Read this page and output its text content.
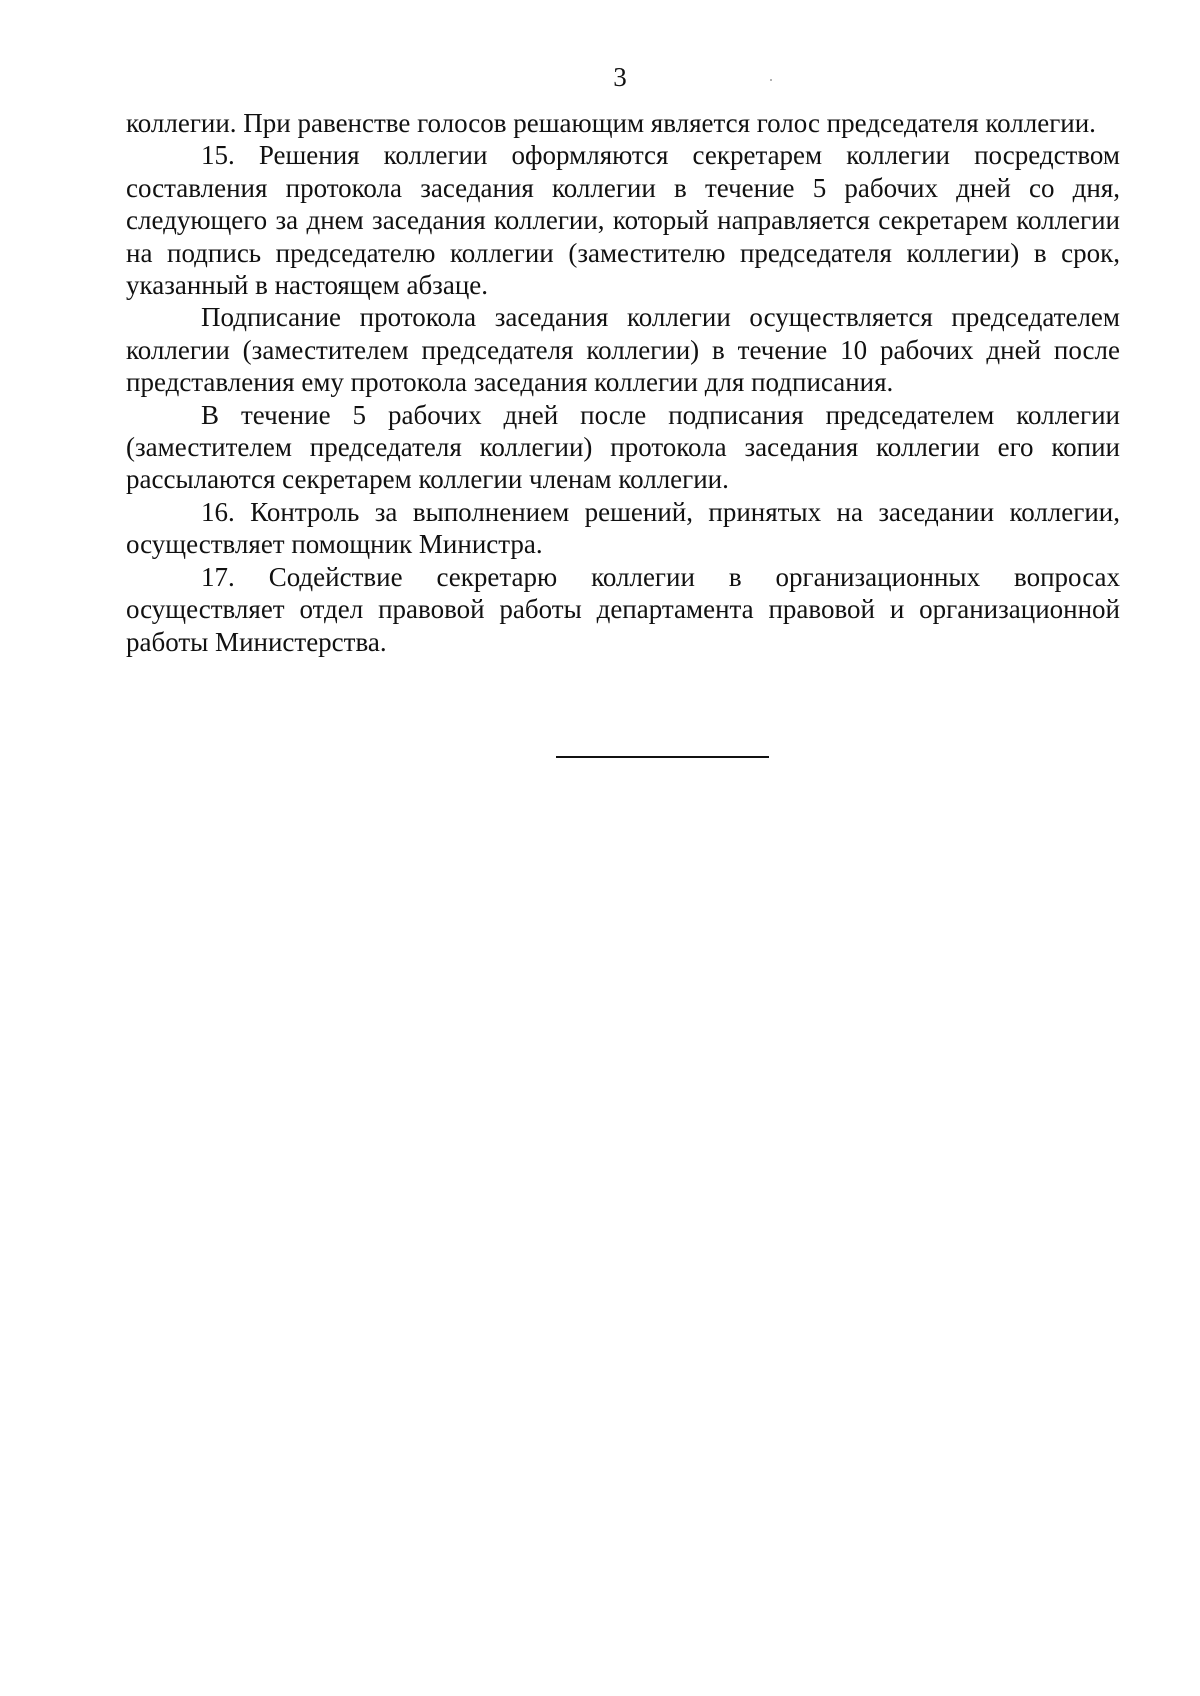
3

коллегии. При равенстве голосов решающим является голос председателя коллегии.

15. Решения коллегии оформляются секретарем коллегии посредством составления протокола заседания коллегии в течение 5 рабочих дней со дня, следующего за днем заседания коллегии, который направляется секретарем коллегии на подпись председателю коллегии (заместителю председателя коллегии) в срок, указанный в настоящем абзаце.

Подписание протокола заседания коллегии осуществляется председателем коллегии (заместителем председателя коллегии) в течение 10 рабочих дней после представления ему протокола заседания коллегии для подписания.

В течение 5 рабочих дней после подписания председателем коллегии (заместителем председателя коллегии) протокола заседания коллегии его копии рассылаются секретарем коллегии членам коллегии.

16. Контроль за выполнением решений, принятых на заседании коллегии, осуществляет помощник Министра.

17. Содействие секретарю коллегии в организационных вопросах осуществляет отдел правовой работы департамента правовой и организационной работы Министерства.
